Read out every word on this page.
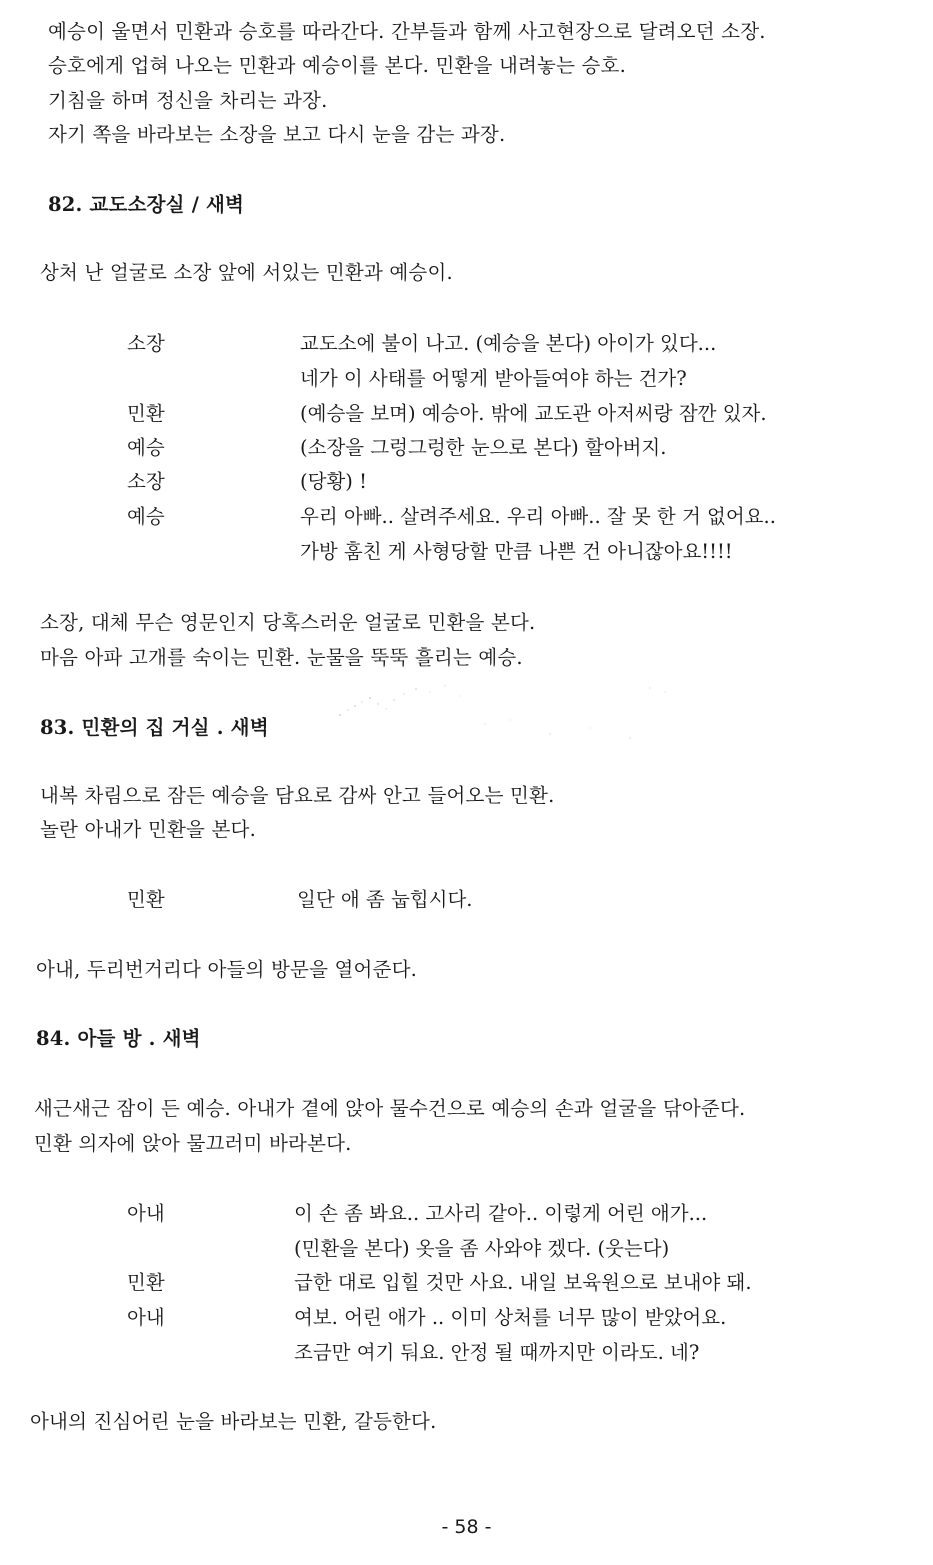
예승이 울면서 민환과 승호를 따라간다. 간부들과 함께 사고현장으로 달려오던 소장.
승호에게 업혀 나오는 민환과 예승이를 본다. 민환을 내려놓는 승호.
기침을 하며 정신을 차리는 과장.
자기 쪽을 바라보는 소장을 보고 다시 눈을 감는 과장.
82. 교도소장실 / 새벽
상처 난 얼굴로 소장 앞에 서있는 민환과 예승이.
소장	교도소에 불이 나고. (예승을 본다) 아이가 있다...
네가 이 사태를 어떻게 받아들여야 하는 건가?
민환	(예승을 보며) 예승아. 밖에 교도관 아저씨랑 잠깐 있자.
예승	(소장을 그렁그렁한 눈으로 본다) 할아버지.
소장	(당황) !
예승	우리 아빠.. 살려주세요. 우리 아빠.. 잘 못 한 거 없어요..
가방 훔친 게 사형당할 만큼 나쁜 건 아니잖아요!!!!
소장, 대체 무슨 영문인지 당혹스러운 얼굴로 민환을 본다.
마음 아파 고개를 숙이는 민환. 눈물을 뚝뚝 흘리는 예승.
83. 민환의 집 거실 . 새벽
내복 차림으로 잠든 예승을 담요로 감싸 안고 들어오는 민환.
놀란 아내가 민환을 본다.
민환	일단 애 좀 눕힙시다.
아내, 두리번거리다 아들의 방문을 열어준다.
84. 아들 방 . 새벽
새근새근 잠이 든 예승. 아내가 곁에 앉아 물수건으로 예승의 손과 얼굴을 닦아준다.
민환 의자에 앉아 물끄러미 바라본다.
아내	이 손 좀 봐요.. 고사리 같아.. 이렇게 어린 애가...
(민환을 본다) 옷을 좀 사와야 겠다. (웃는다)
민환	급한 대로 입힐 것만 사요. 내일 보육원으로 보내야 돼.
아내	여보. 어린 애가 .. 이미 상처를 너무 많이 받았어요.
조금만 여기 둬요. 안정 될 때까지만 이라도. 네?
아내의 진심어린 눈을 바라보는 민환, 갈등한다.
- 58 -
